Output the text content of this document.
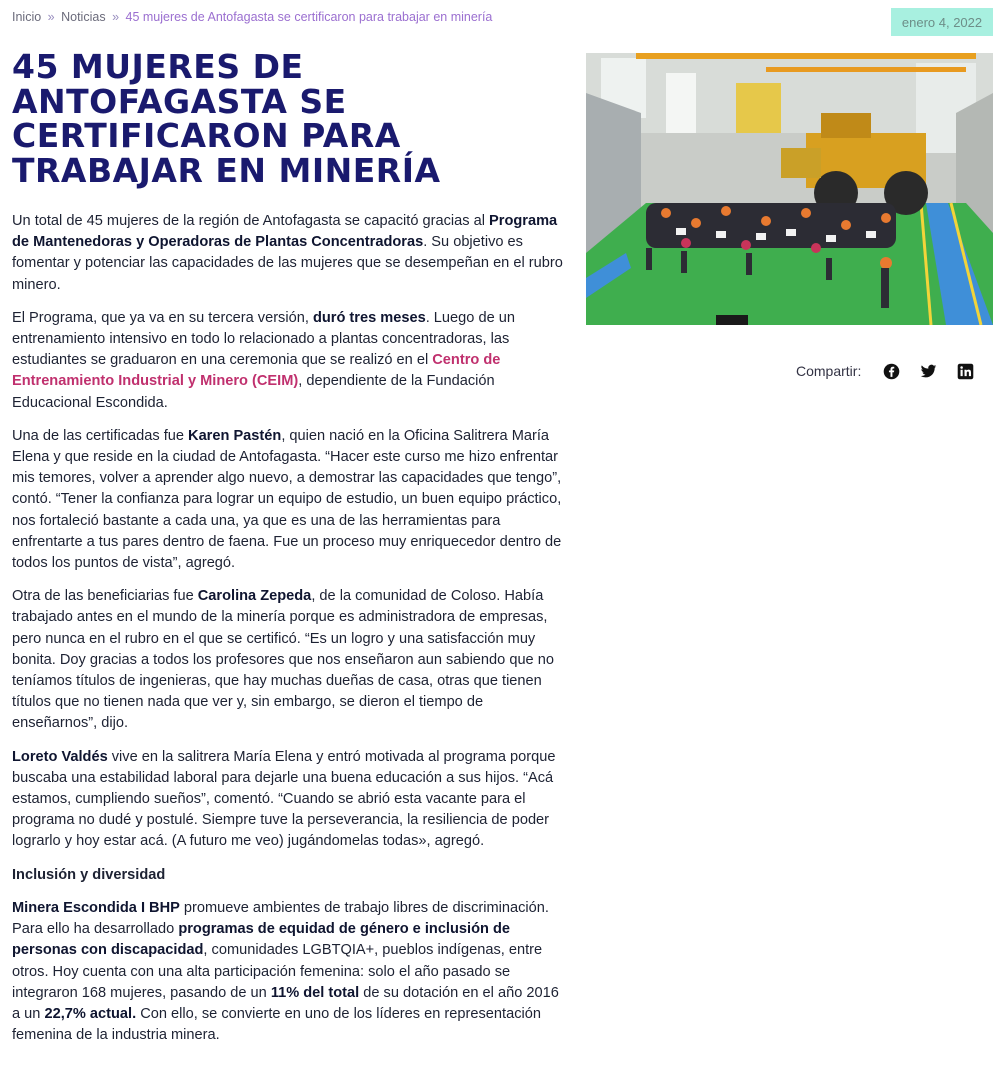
Inicio » Noticias » 45 mujeres de Antofagasta se certificaron para trabajar en minería	enero 4, 2022
45 MUJERES DE ANTOFAGASTA SE CERTIFICARON PARA TRABAJAR EN MINERÍA
Compartir:

Un total de 45 mujeres de la región de Antofagasta se capacitó gracias al Programa de Mantenedoras y Operadoras de Plantas Concentradoras. Su objetivo es fomentar y potenciar las capacidades de las mujeres que se desempeñan en el rubro minero.

El Programa, que ya va en su tercera versión, duró tres meses. Luego de un entrenamiento intensivo en todo lo relacionado a plantas concentradoras, las estudiantes se graduaron en una ceremonia que se realizó en el Centro de Entrenamiento Industrial y Minero (CEIM), dependiente de la Fundación Educacional Escondida.

Una de las certificadas fue Karen Pastén, quien nació en la Oficina Salitrera María Elena y que reside en la ciudad de Antofagasta. “Hacer este curso me hizo enfrentar mis temores, volver a aprender algo nuevo, a demostrar las capacidades que tengo”, contó. “Tener la confianza para lograr un equipo de estudio, un buen equipo práctico, nos fortaleció bastante a cada una, ya que es una de las herramientas para enfrentarte a tus pares dentro de faena. Fue un proceso muy enriquecedor dentro de todos los puntos de vista”, agregó.

Otra de las beneficiarias fue Carolina Zepeda, de la comunidad de Coloso. Había trabajado antes en el mundo de la minería porque es administradora de empresas, pero nunca en el rubro en el que se certificó. “Es un logro y una satisfacción muy bonita. Doy gracias a todos los profesores que nos enseñaron aun sabiendo que no teníamos títulos de ingenieras, que hay muchas dueñas de casa, otras que tienen títulos que no tienen nada que ver y, sin embargo, se dieron el tiempo de enseñarnos”, dijo.

Loreto Valdés vive en la salitrera María Elena y entró motivada al programa porque buscaba una estabilidad laboral para dejarle una buena educación a sus hijos. “Acá estamos, cumpliendo sueños”, comentó. “Cuando se abrió esta vacante para el programa no dudé y postulé. Siempre tuve la perseverancia, la resiliencia de poder lograrlo y hoy estar acá. (A futuro me veo) jugándomelas todas», agregó.

Inclusión y diversidad

Minera Escondida I BHP promueve ambientes de trabajo libres de discriminación. Para ello ha desarrollado programas de equidad de género e inclusión de personas con discapacidad, comunidades LGBTQIA+, pueblos indígenas, entre otros. Hoy cuenta con una alta participación femenina: solo el año pasado se integraron 168 mujeres, pasando de un 11% del total de su dotación en el año 2016 a un 22,7% actual. Con ello, se convierte en uno de los líderes en representación femenina de la industria minera.
